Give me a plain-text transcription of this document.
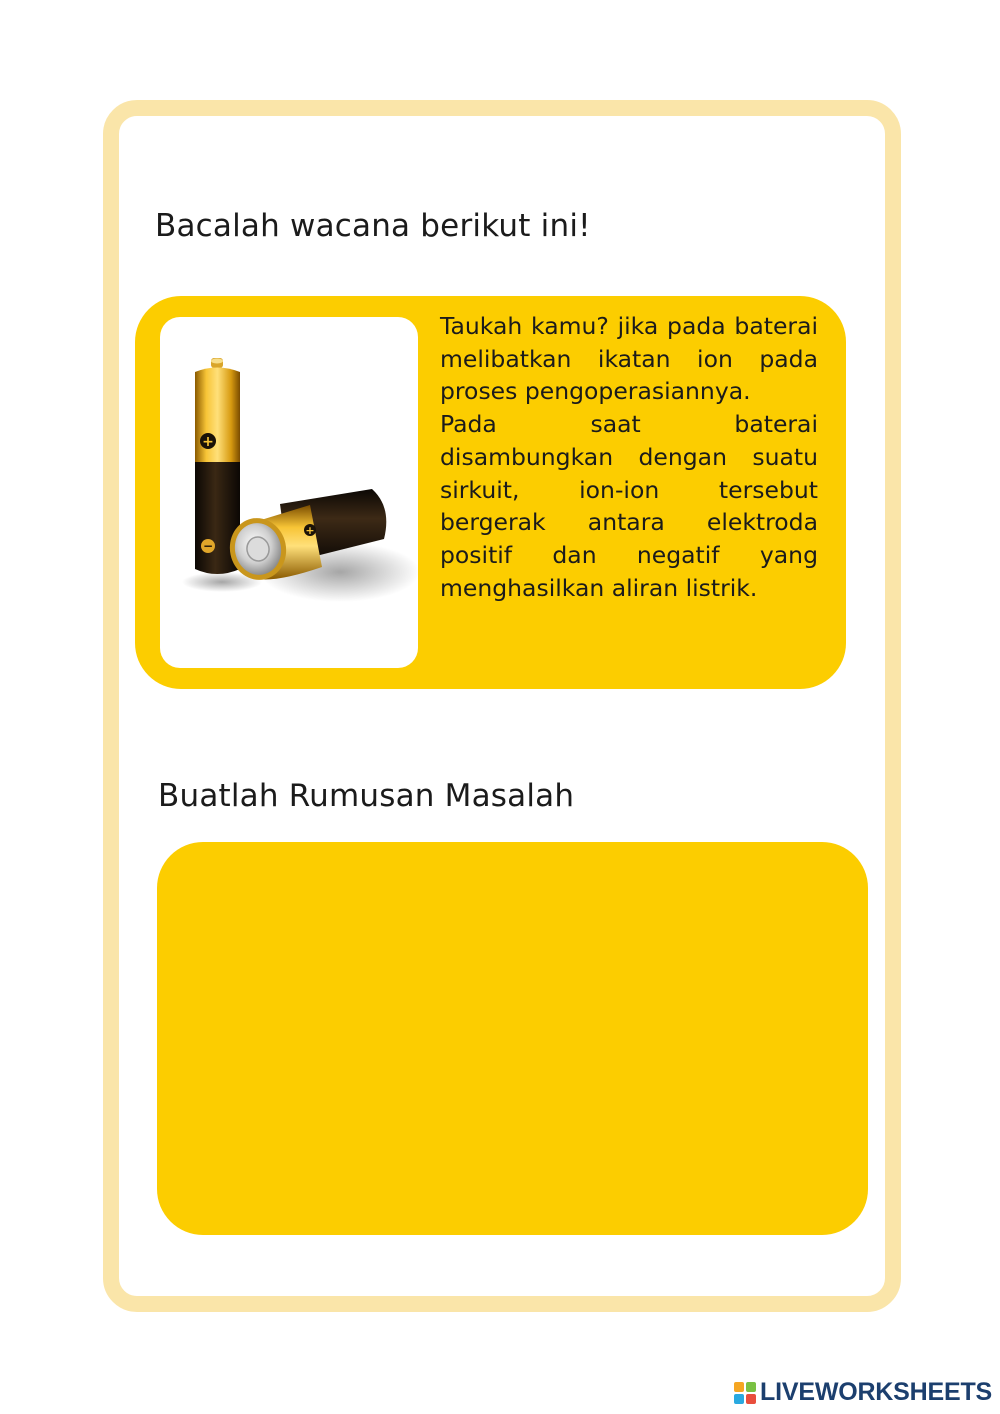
Bacalah wacana berikut ini!
+
−
+

Taukah kamu? jika pada baterai melibatkan ikatan ion pada proses pengoperasiannya.

Pada saat baterai disambungkan dengan suatu sirkuit, ion-ion tersebut bergerak antara elektroda positif dan negatif yang menghasilkan aliran listrik.

Buatlah Rumusan Masalah
LIVEWORKSHEETS
